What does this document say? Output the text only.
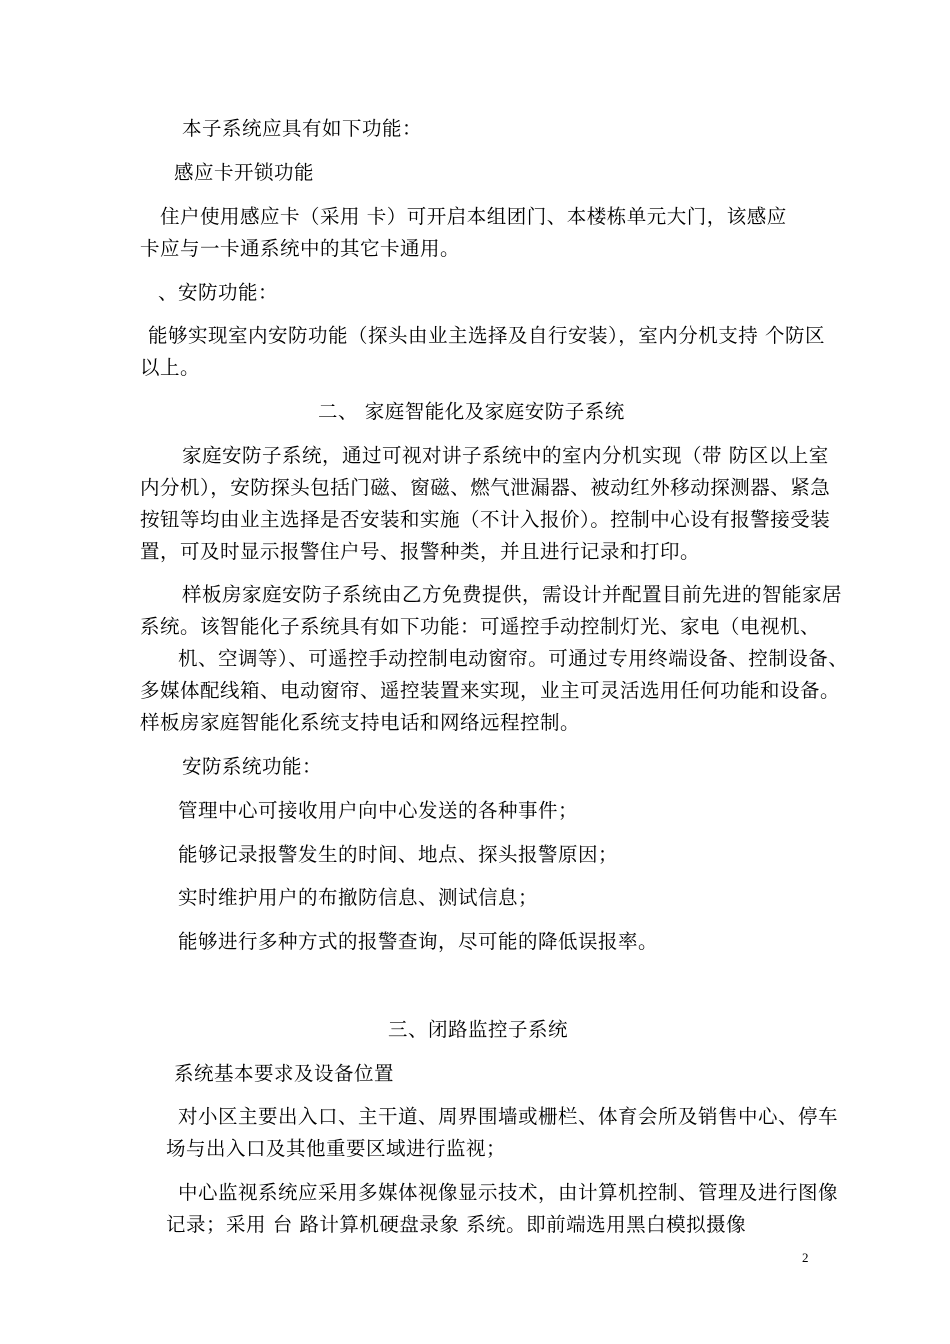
本子系统应具有如下功能：
感应卡开锁功能
住户使用感应卡（采用 卡）可开启本组团门、本楼栋单元大门，该感应
卡应与一卡通系统中的其它卡通用。
、安防功能：
能够实现室内安防功能（探头由业主选择及自行安装），室内分机支持 个防区
以上。
二、 家庭智能化及家庭安防子系统
家庭安防子系统，通过可视对讲子系统中的室内分机实现（带 防区以上室
内分机），安防探头包括门磁、窗磁、燃气泄漏器、被动红外移动探测器、紧急
按钮等均由业主选择是否安装和实施（不计入报价）。控制中心设有报警接受装
置，可及时显示报警住户号、报警种类，并且进行记录和打印。
样板房家庭安防子系统由乙方免费提供，需设计并配置目前先进的智能家居
系统。该智能化子系统具有如下功能：可遥控手动控制灯光、家电（电视机、
机、空调等）、可遥控手动控制电动窗帘。可通过专用终端设备、控制设备、
多媒体配线箱、电动窗帘、遥控装置来实现，业主可灵活选用任何功能和设备。
样板房家庭智能化系统支持电话和网络远程控制。
安防系统功能：
管理中心可接收用户向中心发送的各种事件；
能够记录报警发生的时间、地点、探头报警原因；
实时维护用户的布撤防信息、测试信息；
能够进行多种方式的报警查询，尽可能的降低误报率。
三、闭路监控子系统
系统基本要求及设备位置
对小区主要出入口、主干道、周界围墙或栅栏、体育会所及销售中心、停车
场与出入口及其他重要区域进行监视；
中心监视系统应采用多媒体视像显示技术，由计算机控制、管理及进行图像
记录；采用 台 路计算机硬盘录象 系统。即前端选用黑白模拟摄像
2
